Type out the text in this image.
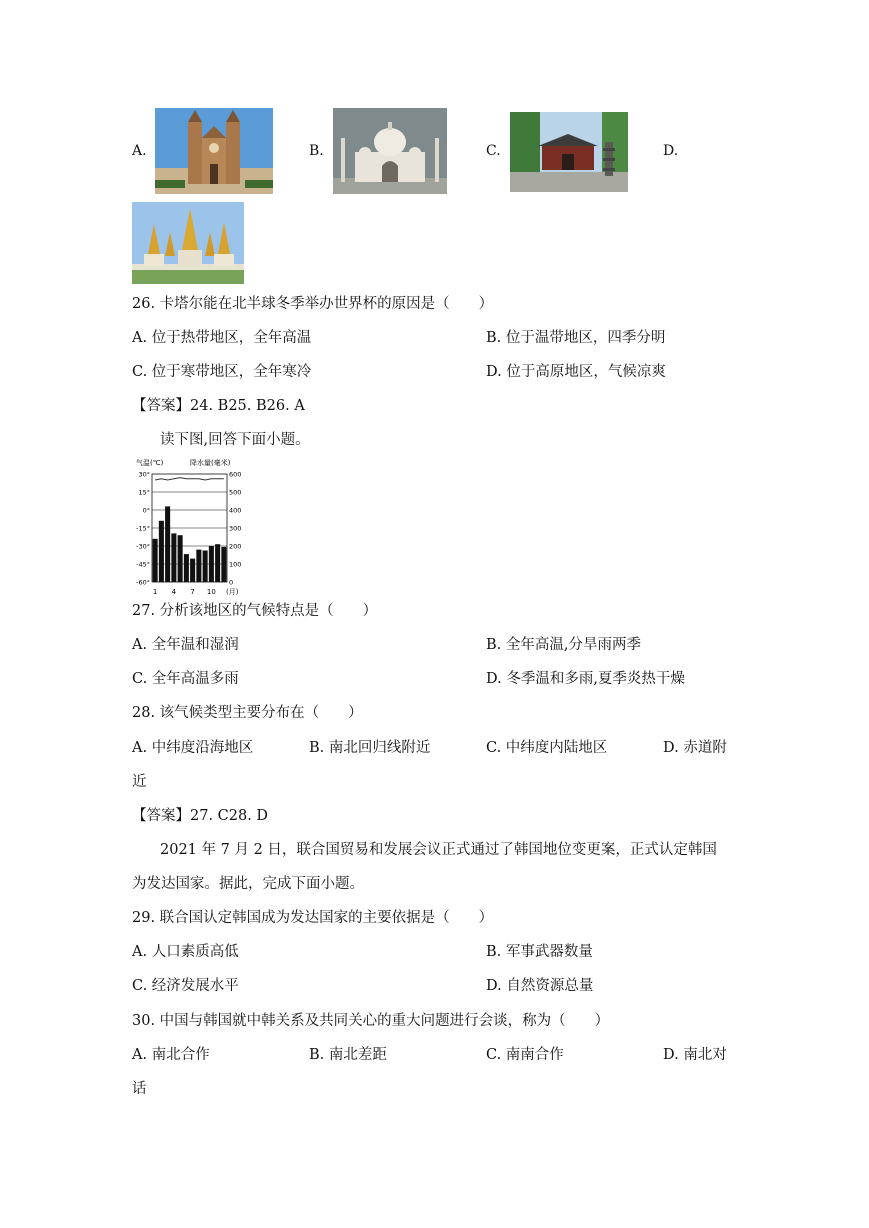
A.	B.	C.	D.
26. 卡塔尔能在北半球冬季举办世界杯的原因是（　　）
A. 位于热带地区，全年高温	B. 位于温带地区，四季分明
C. 位于寒带地区，全年寒冷	D. 位于高原地区，气候凉爽
【答案】24. B25. B26. A
读下图,回答下面小题。
气温(℃)	降水量(毫米)
30°
15°
0°
-15°
-30°
-45°
-60°
600
500
400
300
200
100
0
1 4 7 10 (月)
27. 分析该地区的气候特点是（　　）
A. 全年温和湿润	B. 全年高温,分旱雨两季
C. 全年高温多雨	D. 冬季温和多雨,夏季炎热干燥
28. 该气候类型主要分布在（　　）
A. 中纬度沿海地区	B. 南北回归线附近	C. 中纬度内陆地区	D. 赤道附
近
【答案】27. C28. D
2021 年 7 月 2 日，联合国贸易和发展会议正式通过了韩国地位变更案，正式认定韩国
为发达国家。据此，完成下面小题。
29. 联合国认定韩国成为发达国家的主要依据是（　　）
A. 人口素质高低	B. 军事武器数量
C. 经济发展水平	D. 自然资源总量
30. 中国与韩国就中韩关系及共同关心的重大问题进行会谈，称为（　　）
A. 南北合作	B. 南北差距	C. 南南合作	D. 南北对
话
